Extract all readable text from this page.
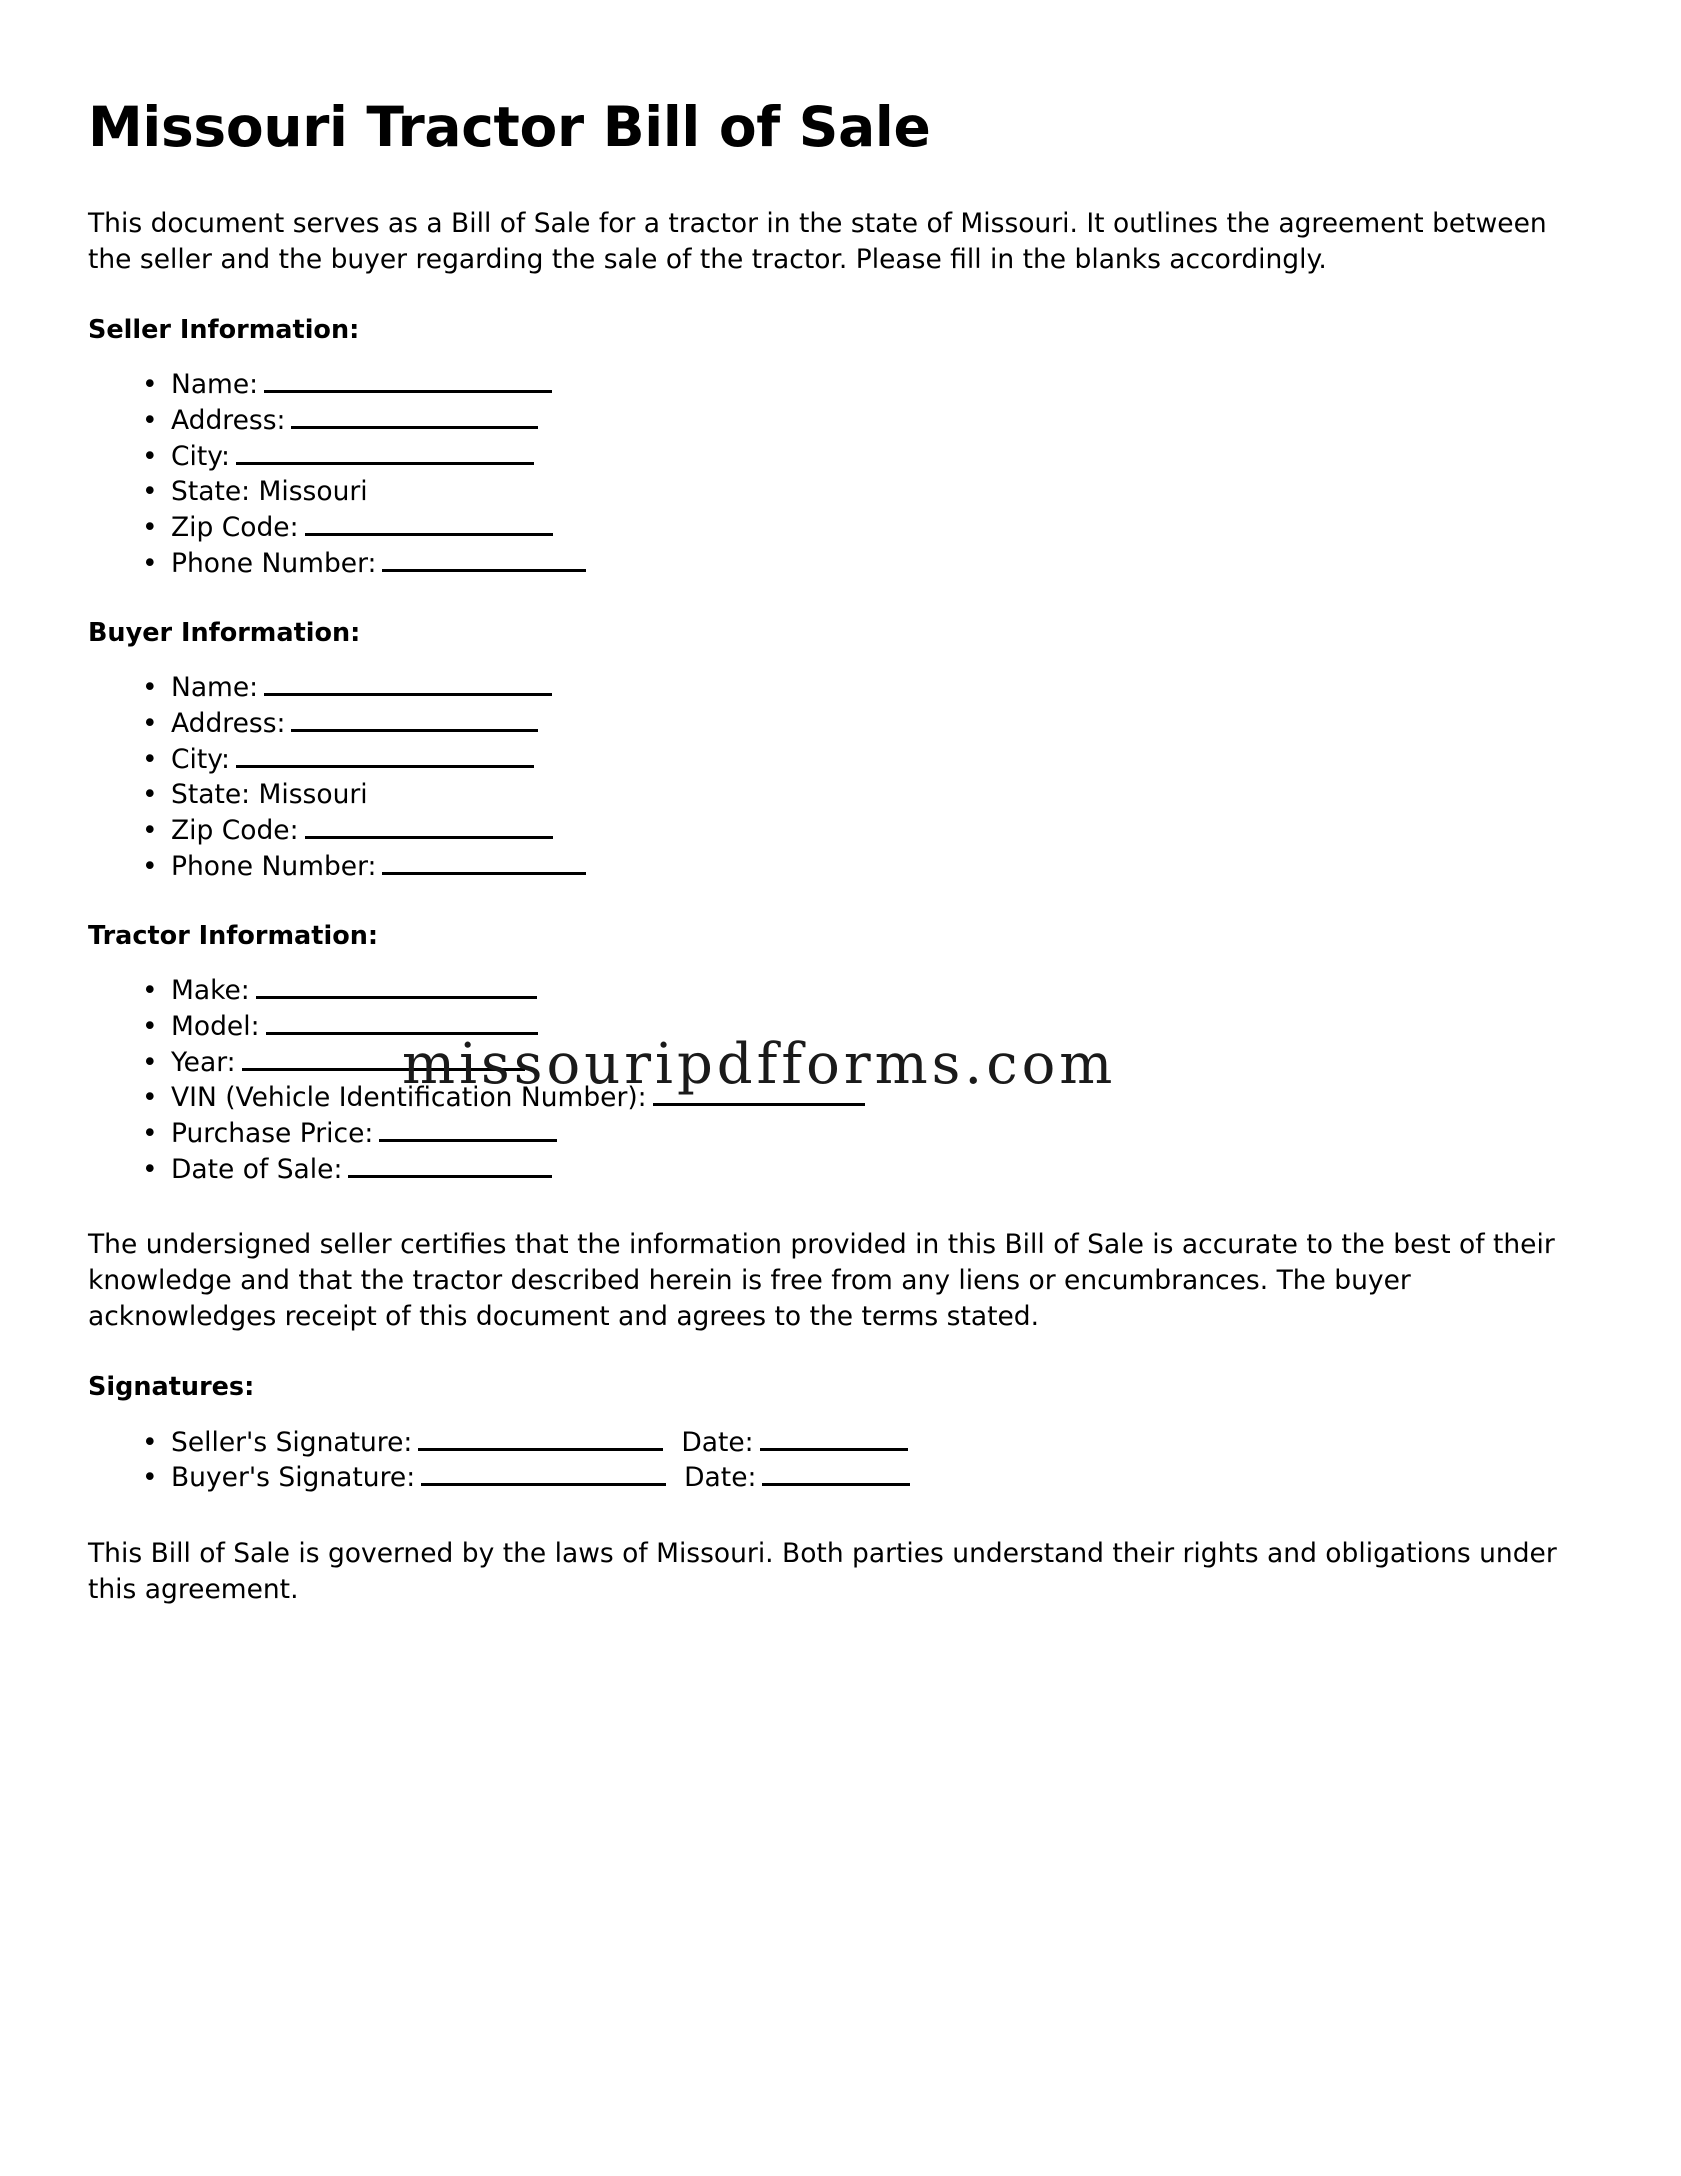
Missouri Tractor Bill of Sale

This document serves as a Bill of Sale for a tractor in the state of Missouri. It outlines the agreement between the seller and the buyer regarding the sale of the tractor. Please fill in the blanks accordingly.

Seller Information:
• Name:
• Address:
• City:
• State: Missouri
• Zip Code:
• Phone Number:
Buyer Information:
• Name:
• Address:
• City:
• State: Missouri
• Zip Code:
• Phone Number:
Tractor Information:
• Make:
• Model:
• Year:
• VIN (Vehicle Identification Number):
• Purchase Price:
• Date of Sale:

The undersigned seller certifies that the information provided in this Bill of Sale is accurate to the best of their knowledge and that the tractor described herein is free from any liens or encumbrances. The buyer acknowledges receipt of this document and agrees to the terms stated.

Signatures:
• Seller's Signature:	Date:
• Buyer's Signature:	Date:

This Bill of Sale is governed by the laws of Missouri. Both parties understand their rights and obligations under this agreement.

missouripdfforms.com
